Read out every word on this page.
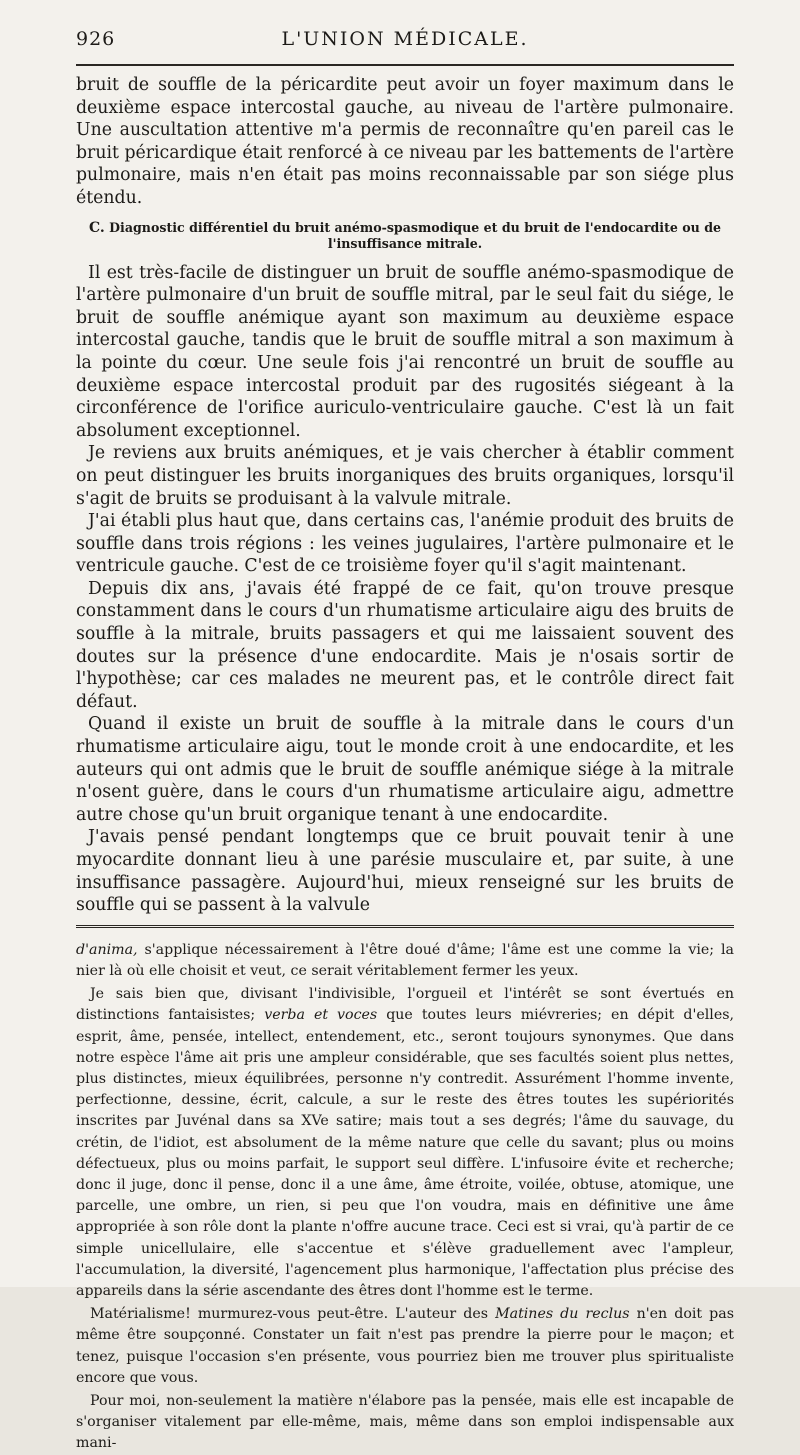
926	L'UNION MÉDICALE.

bruit de souffle de la péricardite peut avoir un foyer maximum dans le deuxième espace intercostal gauche, au niveau de l'artère pulmonaire. Une auscultation attentive m'a permis de reconnaître qu'en pareil cas le bruit péricardique était renforcé à ce niveau par les battements de l'artère pulmonaire, mais n'en était pas moins reconnaissable par son siége plus étendu.

C. Diagnostic différentiel du bruit anémo-spasmodique et du bruit de l'endocardite ou de l'insuffisance mitrale.

Il est très-facile de distinguer un bruit de souffle anémo-spasmodique de l'artère pulmonaire d'un bruit de souffle mitral, par le seul fait du siége, le bruit de souffle anémique ayant son maximum au deuxième espace intercostal gauche, tandis que le bruit de souffle mitral a son maximum à la pointe du cœur. Une seule fois j'ai rencontré un bruit de souffle au deuxième espace intercostal produit par des rugosités siégeant à la circonférence de l'orifice auriculo-ventriculaire gauche. C'est là un fait absolument exceptionnel.

Je reviens aux bruits anémiques, et je vais chercher à établir comment on peut distinguer les bruits inorganiques des bruits organiques, lorsqu'il s'agit de bruits se produisant à la valvule mitrale.

J'ai établi plus haut que, dans certains cas, l'anémie produit des bruits de souffle dans trois régions : les veines jugulaires, l'artère pulmonaire et le ventricule gauche. C'est de ce troisième foyer qu'il s'agit maintenant.

Depuis dix ans, j'avais été frappé de ce fait, qu'on trouve presque constamment dans le cours d'un rhumatisme articulaire aigu des bruits de souffle à la mitrale, bruits passagers et qui me laissaient souvent des doutes sur la présence d'une endocardite. Mais je n'osais sortir de l'hypothèse; car ces malades ne meurent pas, et le contrôle direct fait défaut.

Quand il existe un bruit de souffle à la mitrale dans le cours d'un rhumatisme articulaire aigu, tout le monde croit à une endocardite, et les auteurs qui ont admis que le bruit de souffle anémique siége à la mitrale n'osent guère, dans le cours d'un rhumatisme articulaire aigu, admettre autre chose qu'un bruit organique tenant à une endocardite.

J'avais pensé pendant longtemps que ce bruit pouvait tenir à une myocardite donnant lieu à une parésie musculaire et, par suite, à une insuffisance passagère. Aujourd'hui, mieux renseigné sur les bruits de souffle qui se passent à la valvule

d'anima, s'applique nécessairement à l'être doué d'âme; l'âme est une comme la vie; la nier là où elle choisit et veut, ce serait véritablement fermer les yeux.

Je sais bien que, divisant l'indivisible, l'orgueil et l'intérêt se sont évertués en distinctions fantaisistes; verba et voces que toutes leurs miévreries; en dépit d'elles, esprit, âme, pensée, intellect, entendement, etc., seront toujours synonymes. Que dans notre espèce l'âme ait pris une ampleur considérable, que ses facultés soient plus nettes, plus distinctes, mieux équilibrées, personne n'y contredit. Assurément l'homme invente, perfectionne, dessine, écrit, calcule, a sur le reste des êtres toutes les supériorités inscrites par Juvénal dans sa XVe satire; mais tout a ses degrés; l'âme du sauvage, du crétin, de l'idiot, est absolument de la même nature que celle du savant; plus ou moins défectueux, plus ou moins parfait, le support seul diffère. L'infusoire évite et recherche; donc il juge, donc il pense, donc il a une âme, âme étroite, voilée, obtuse, atomique, une parcelle, une ombre, un rien, si peu que l'on voudra, mais en définitive une âme appropriée à son rôle dont la plante n'offre aucune trace. Ceci est si vrai, qu'à partir de ce simple unicellulaire, elle s'accentue et s'élève graduellement avec l'ampleur, l'accumulation, la diversité, l'agencement plus harmonique, l'affectation plus précise des appareils dans la série ascendante des êtres dont l'homme est le terme.

Matérialisme! murmurez-vous peut-être. L'auteur des Matines du reclus n'en doit pas même être soupçonné. Constater un fait n'est pas prendre la pierre pour le maçon; et tenez, puisque l'occasion s'en présente, vous pourriez bien me trouver plus spiritualiste encore que vous.

Pour moi, non-seulement la matière n'élabore pas la pensée, mais elle est incapable de s'organiser vitalement par elle-même, mais, même dans son emploi indispensable aux mani-
